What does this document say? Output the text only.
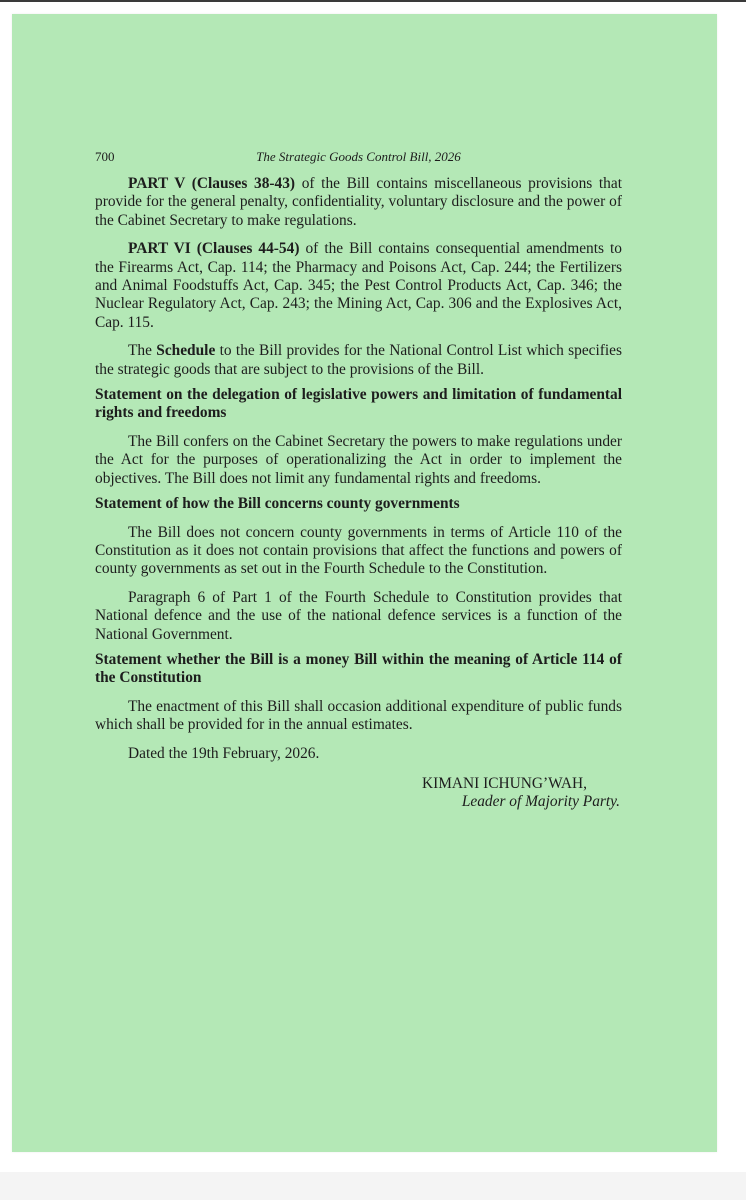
700	The Strategic Goods Control Bill, 2026

PART V (Clauses 38-43) of the Bill contains miscellaneous provisions that provide for the general penalty, confidentiality, voluntary disclosure and the power of the Cabinet Secretary to make regulations.

PART VI (Clauses 44-54) of the Bill contains consequential amendments to the Firearms Act, Cap. 114; the Pharmacy and Poisons Act, Cap. 244; the Fertilizers and Animal Foodstuffs Act, Cap. 345; the Pest Control Products Act, Cap. 346; the Nuclear Regulatory Act, Cap. 243; the Mining Act, Cap. 306 and the Explosives Act, Cap. 115.

The Schedule to the Bill provides for the National Control List which specifies the strategic goods that are subject to the provisions of the Bill.

Statement on the delegation of legislative powers and limitation of fundamental rights and freedoms

The Bill confers on the Cabinet Secretary the powers to make regulations under the Act for the purposes of operationalizing the Act in order to implement the objectives. The Bill does not limit any fundamental rights and freedoms.

Statement of how the Bill concerns county governments

The Bill does not concern county governments in terms of Article 110 of the Constitution as it does not contain provisions that affect the functions and powers of county governments as set out in the Fourth Schedule to the Constitution.

Paragraph 6 of Part 1 of the Fourth Schedule to Constitution provides that National defence and the use of the national defence services is a function of the National Government.

Statement whether the Bill is a money Bill within the meaning of Article 114 of the Constitution

The enactment of this Bill shall occasion additional expenditure of public funds which shall be provided for in the annual estimates.

Dated the 19th February, 2026.

KIMANI ICHUNG’WAH,
Leader of Majority Party.
